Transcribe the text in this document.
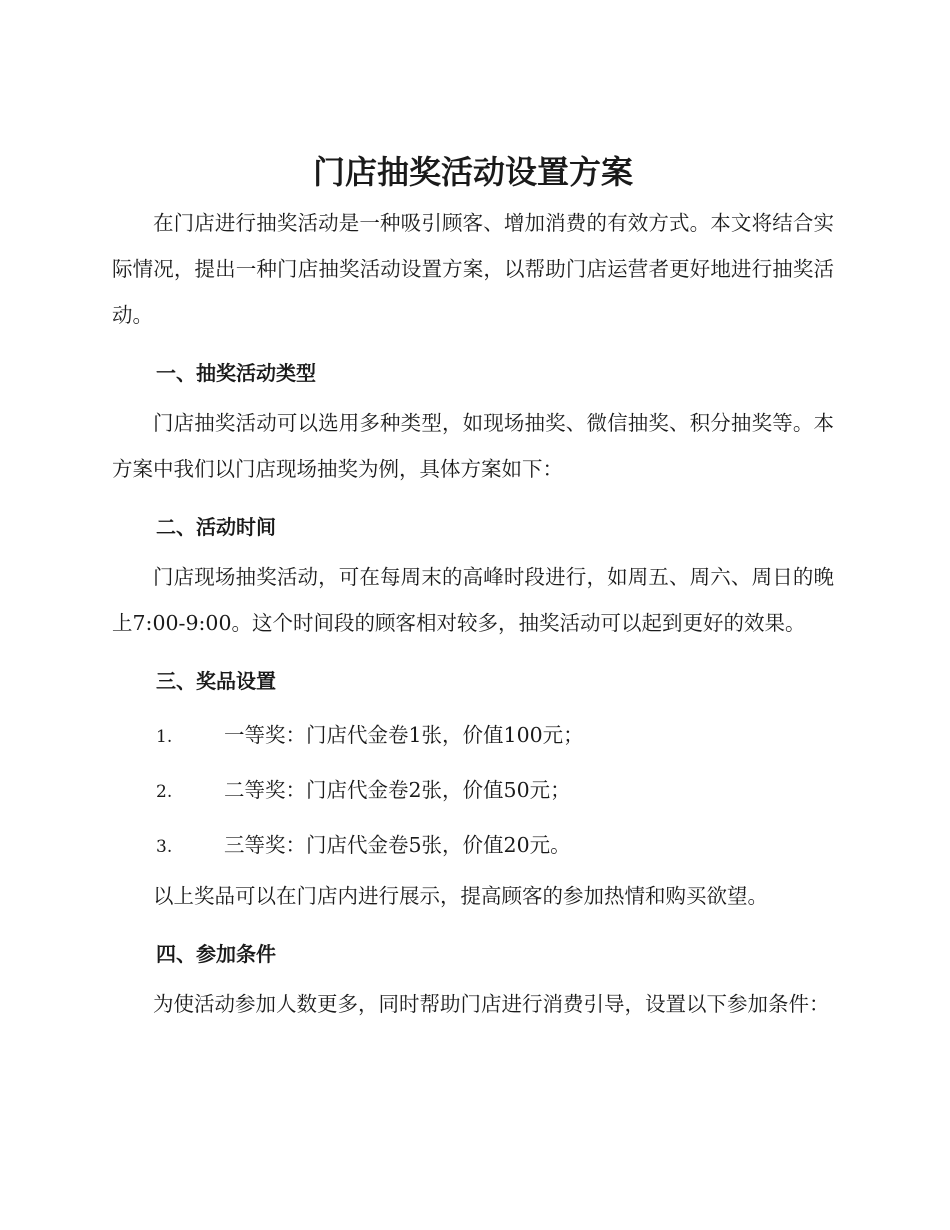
门店抽奖活动设置方案

在门店进行抽奖活动是一种吸引顾客、增加消费的有效方式。本文将结合实际情况，提出一种门店抽奖活动设置方案，以帮助门店运营者更好地进行抽奖活动。

一、抽奖活动类型

门店抽奖活动可以选用多种类型，如现场抽奖、微信抽奖、积分抽奖等。本方案中我们以门店现场抽奖为例，具体方案如下：

二、活动时间

门店现场抽奖活动，可在每周末的高峰时段进行，如周五、周六、周日的晚上7:00-9:00。这个时间段的顾客相对较多，抽奖活动可以起到更好的效果。

三、奖品设置
1.	一等奖：门店代金卷1张，价值100元；
2.	二等奖：门店代金卷2张，价值50元；
3.	三等奖：门店代金卷5张，价值20元。

以上奖品可以在门店内进行展示，提高顾客的参加热情和购买欲望。

四、参加条件

为使活动参加人数更多，同时帮助门店进行消费引导，设置以下参加条件：
